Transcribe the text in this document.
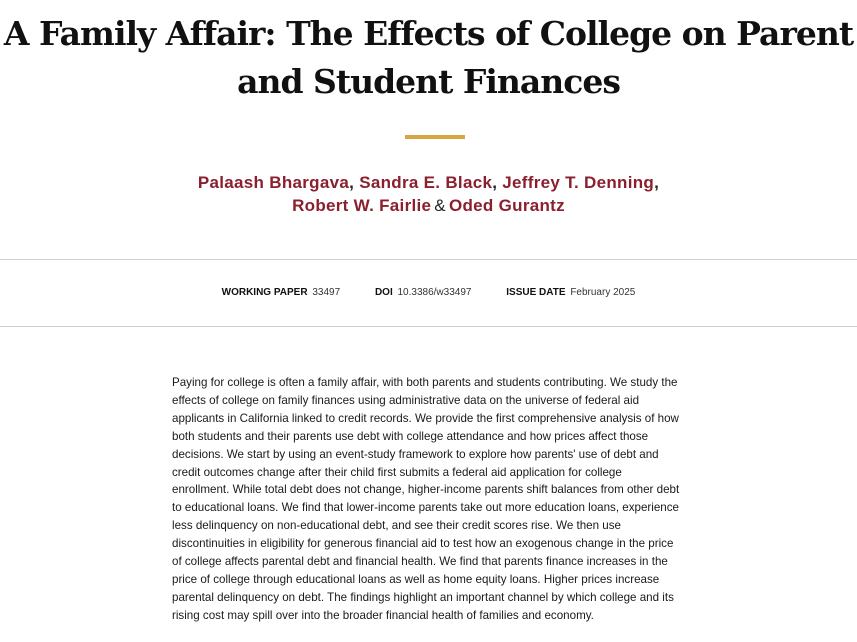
A Family Affair: The Effects of College on Parent
and Student Finances
Palaash Bhargava, Sandra E. Black, Jeffrey T. Denning,
Robert W. Fairlie & Oded Gurantz
WORKING PAPER 33497	DOI 10.3386/w33497	ISSUE DATE February 2025

Paying for college is often a family affair, with both parents and students contributing. We study the
effects of college on family finances using administrative data on the universe of federal aid
applicants in California linked to credit records. We provide the first comprehensive analysis of how
both students and their parents use debt with college attendance and how prices affect those
decisions. We start by using an event-study framework to explore how parents' use of debt and
credit outcomes change after their child first submits a federal aid application for college
enrollment. While total debt does not change, higher-income parents shift balances from other debt
to educational loans. We find that lower-income parents take out more education loans, experience
less delinquency on non-educational debt, and see their credit scores rise. We then use
discontinuities in eligibility for generous financial aid to test how an exogenous change in the price
of college affects parental debt and financial health. We find that parents finance increases in the
price of college through educational loans as well as home equity loans. Higher prices increase
parental delinquency on debt. The findings highlight an important channel by which college and its
rising cost may spill over into the broader financial health of families and economy.
